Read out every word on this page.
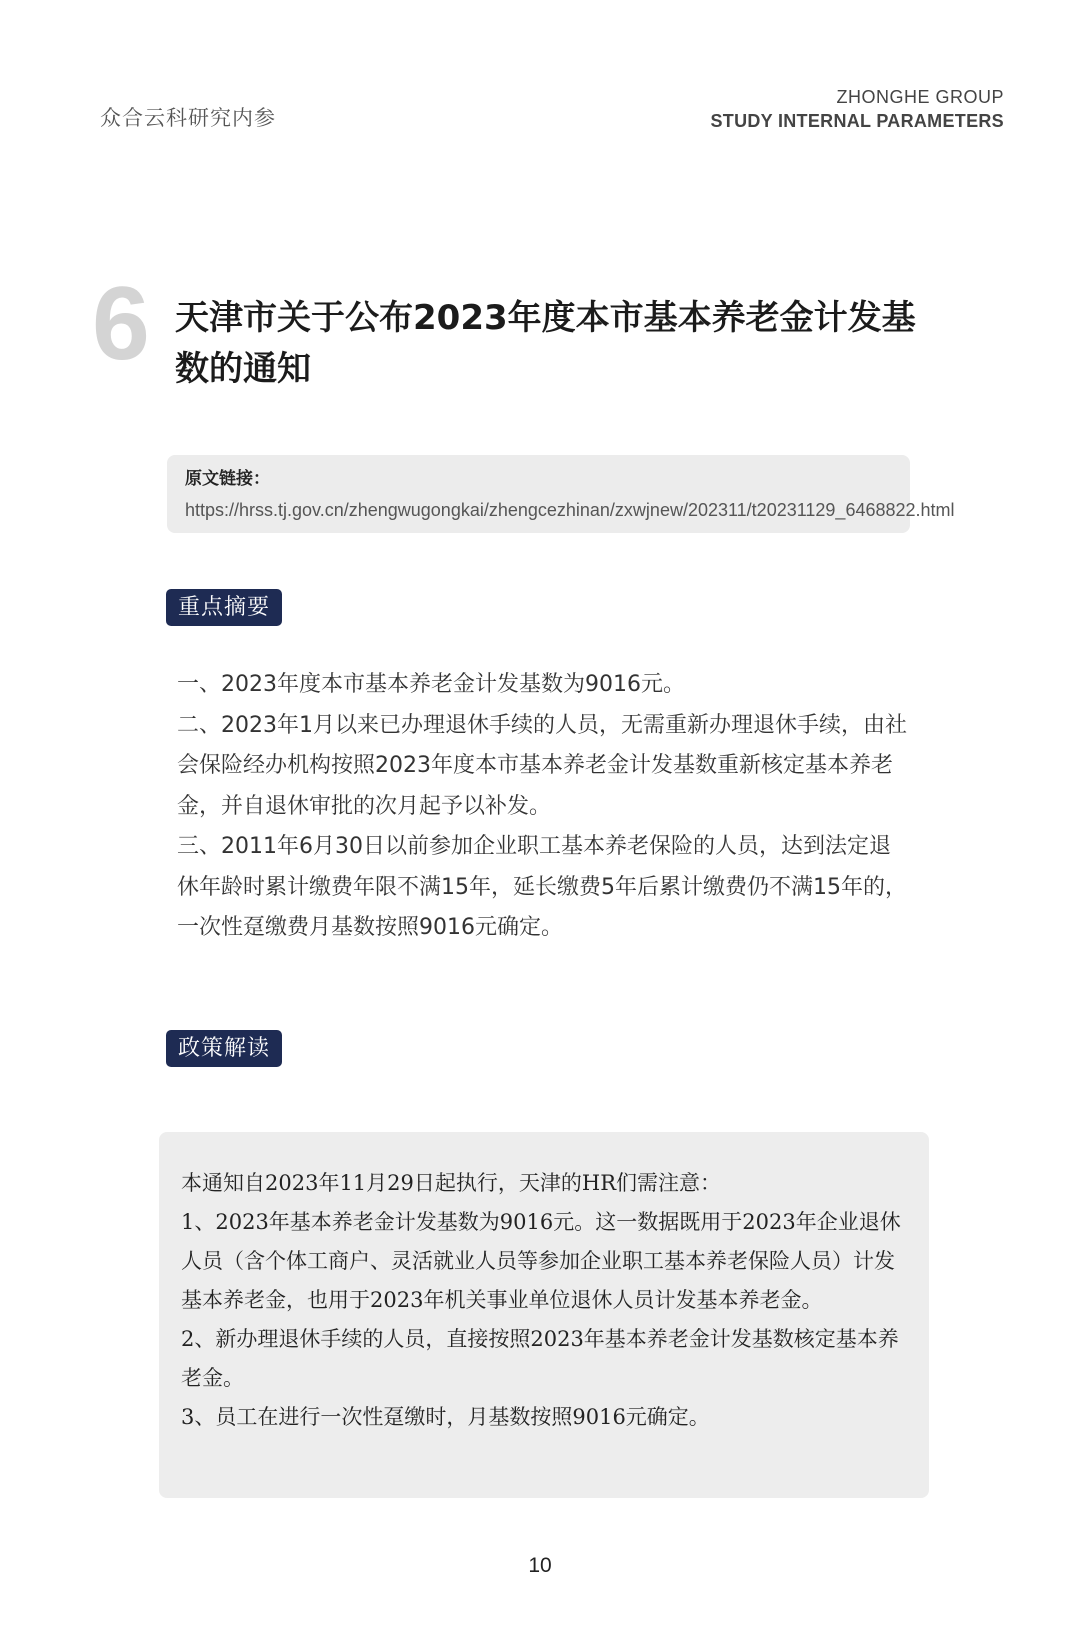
众合云科研究内参
ZHONGHE GROUP
STUDY INTERNAL PARAMETERS
6 天津市关于公布2023年度本市基本养老金计发基数的通知
原文链接：https://hrss.tj.gov.cn/zhengwugongkai/zhengcezhinan/zxwjnew/202311/t20231129_6468822.html
重点摘要

一、2023年度本市基本养老金计发基数为9016元。

二、2023年1月以来已办理退休手续的人员，无需重新办理退休手续，由社会保险经办机构按照2023年度本市基本养老金计发基数重新核定基本养老金，并自退休审批的次月起予以补发。

三、2011年6月30日以前参加企业职工基本养老保险的人员，达到法定退休年龄时累计缴费年限不满15年，延长缴费5年后累计缴费仍不满15年的，一次性趸缴费月基数按照9016元确定。

政策解读

本通知自2023年11月29日起执行，天津的HR们需注意：

1、2023年基本养老金计发基数为9016元。这一数据既用于2023年企业退休人员（含个体工商户、灵活就业人员等参加企业职工基本养老保险人员）计发基本养老金，也用于2023年机关事业单位退休人员计发基本养老金。

2、新办理退休手续的人员，直接按照2023年基本养老金计发基数核定基本养老金。

3、员工在进行一次性趸缴时，月基数按照9016元确定。

10
